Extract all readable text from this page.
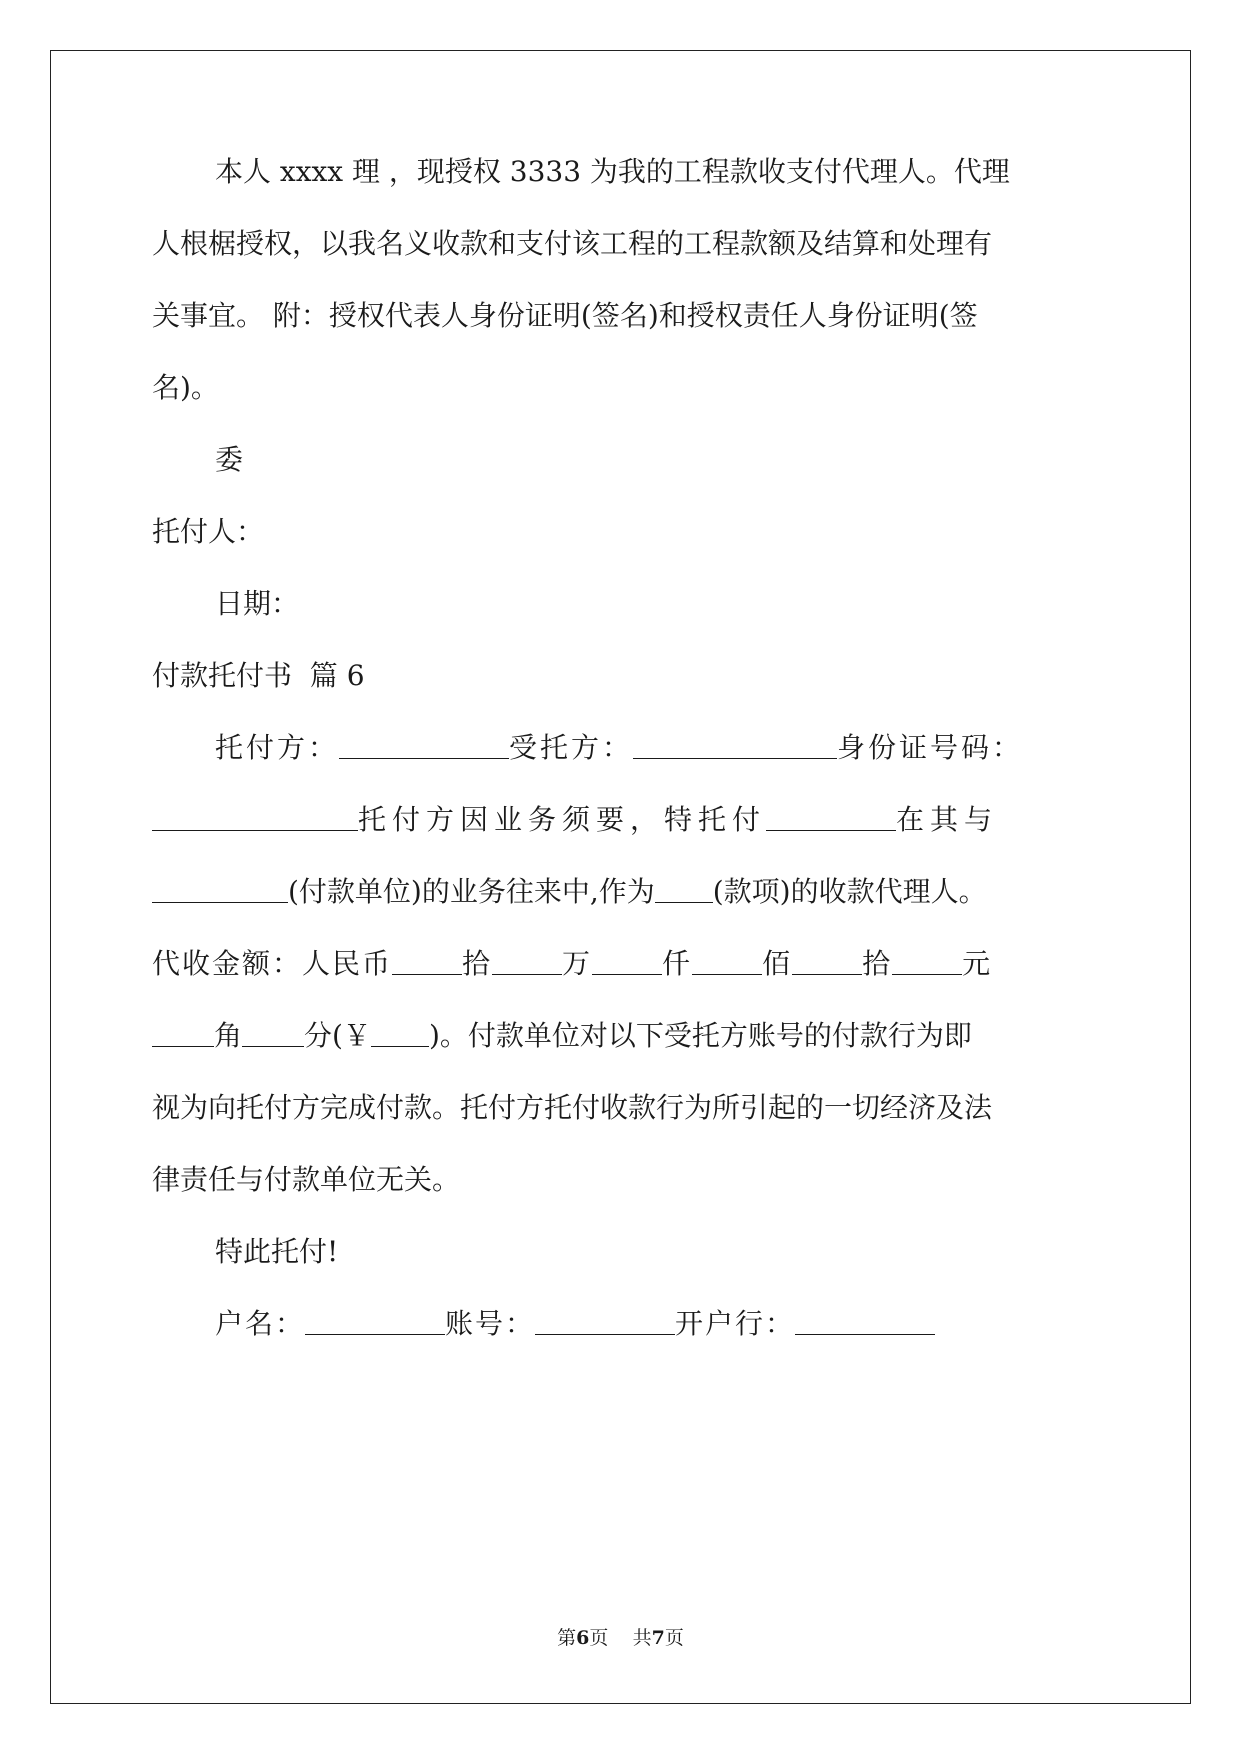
本人 xxxx 理 ，现授权 3333 为我的工程款收支付代理人。代理
人根椐授权，以我名义收款和支付该工程的工程款额及结算和处理有
关事宜。 附：授权代表人身份证明(签名)和授权责任人身份证明(签
名)。
委
托付人：
日期：
付款托付书  篇 6
托付方：	受托方：	身份证号码：
托付方因业务须要，特托付	在其与
(付款单位)的业务往来中,作为 (款项)的收款代理人。
代收金额：人民币	拾	万	仟	佰	拾	元
角 分(￥ )。付款单位对以下受托方账号的付款行为即
视为向托付方完成付款。托付方托付收款行为所引起的一切经济及法
律责任与付款单位无关。
特此托付!
户名：	账号：	开户行：
第6页    共7页
